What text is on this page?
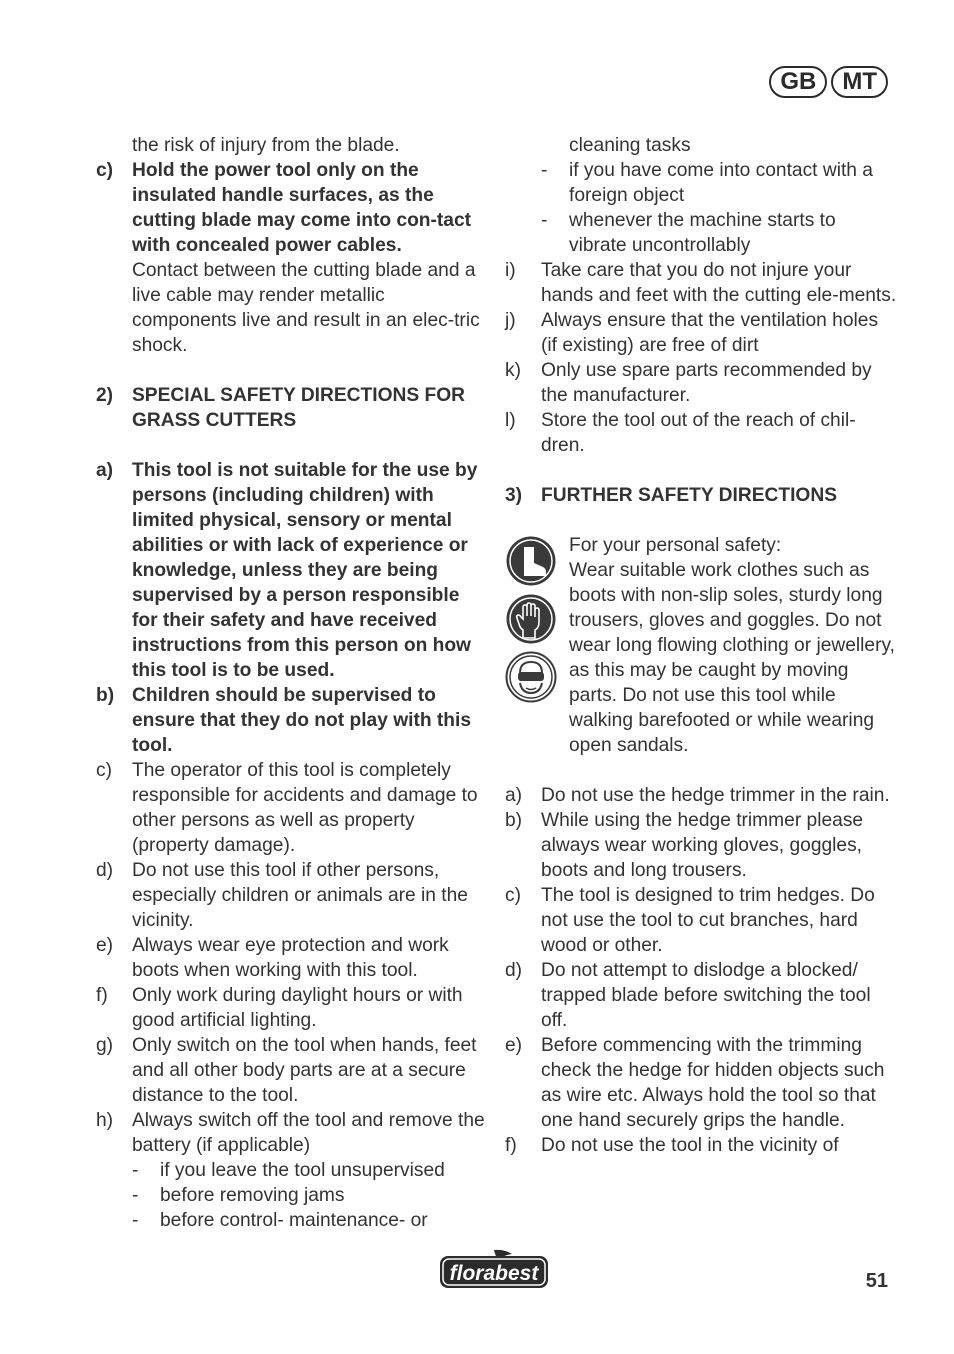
GB	MT
the risk of injury from the blade.
c) Hold the power tool only on the insulated handle surfaces, as the cutting blade may come into con-tact with concealed power cables.
Contact between the cutting blade and a live cable may render metallic components live and result in an elec-tric shock.
2) SPECIAL SAFETY DIRECTIONS FOR GRASS CUTTERS
a) This tool is not suitable for the use by persons (including children) with limited physical, sensory or mental abilities or with lack of experience or knowledge, unless they are being supervised by a person responsible for their safety and have received instructions from this person on how this tool is to be used.
b) Children should be supervised to ensure that they do not play with this tool.
c)	The operator of this tool is completely responsible for accidents and damage to other persons as well as property (property damage).
d) Do not use this tool if other persons, especially children or animals are in the vicinity.
e) Always wear eye protection and work boots when working with this tool.
f)	Only work during daylight hours or with good artificial lighting.
g) Only switch on the tool when hands, feet and all other body parts are at a secure distance to the tool.
h) Always switch off the tool and remove the battery (if applicable)
-	if you leave the tool unsupervised
-	before removing jams
-	before control- maintenance- or
cleaning tasks
-	if you have come into contact with a foreign object
-	whenever the machine starts to vibrate uncontrollably
i)	Take care that you do not injure your hands and feet with the cutting ele-ments.
j)	Always ensure that the ventilation holes (if existing) are free of dirt
k)	Only use spare parts recommended by the manufacturer.
l)	Store the tool out of the reach of chil-dren.
3) FURTHER SAFETY DIRECTIONS
For your personal safety:
Wear suitable work clothes such as boots with non-slip soles, sturdy long trousers, gloves and goggles. Do not wear long flowing clothing or jewellery, as this may be caught by moving parts. Do not use this tool while walking barefooted or while wearing open sandals.
a) Do not use the hedge trimmer in the rain.
b) While using the hedge trimmer please always wear working gloves, goggles, boots and long trousers.
c)	The tool is designed to trim hedges. Do not use the tool to cut branches, hard wood or other.
d) Do not attempt to dislodge a blocked/ trapped blade before switching the tool off.
e) Before commencing with the trimming check the hedge for hidden objects such as wire etc. Always hold the tool so that one hand securely grips the handle.
f)	Do not use the tool in the vicinity of
florabest	51
